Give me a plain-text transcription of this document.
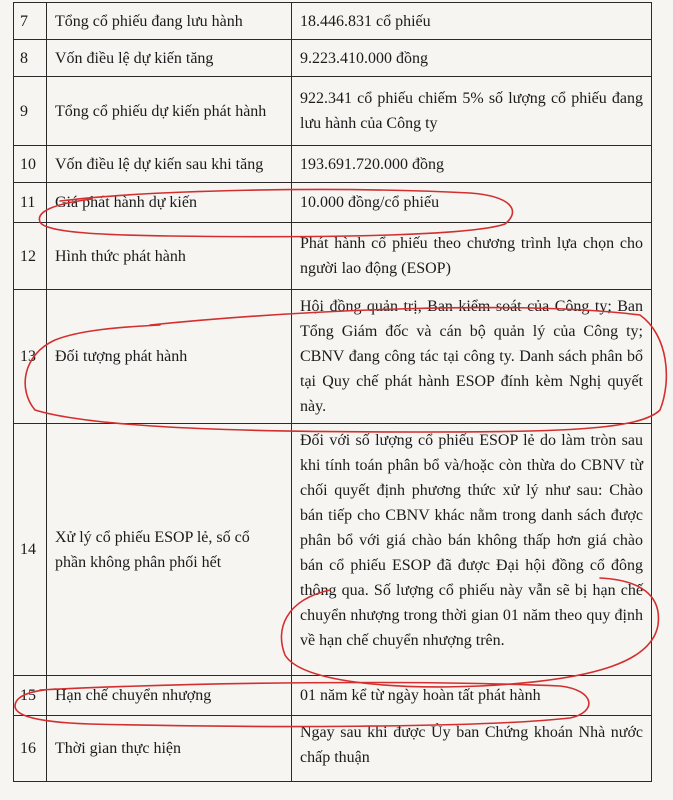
7	Tổng cổ phiếu đang lưu hành	18.446.831 cổ phiếu
8	Vốn điều lệ dự kiến tăng	9.223.410.000 đồng
9	Tổng cổ phiếu dự kiến phát hành	922.341 cổ phiếu chiếm 5% số lượng cổ phiếu đang lưu hành của Công ty
10	Vốn điều lệ dự kiến sau khi tăng	193.691.720.000 đồng
11	Giá phát hành dự kiến	10.000 đồng/cổ phiếu
12	Hình thức phát hành	Phát hành cổ phiếu theo chương trình lựa chọn cho người lao động (ESOP)
13	Đối tượng phát hành	Hội đồng quản trị, Ban kiểm soát của Công ty; Ban Tổng Giám đốc và cán bộ quản lý của Công ty; CBNV đang công tác tại công ty. Danh sách phân bổ tại Quy chế phát hành ESOP đính kèm Nghị quyết này.
14	Xử lý cổ phiếu ESOP lẻ, số cổ phần không phân phối hết	Đối với số lượng cổ phiếu ESOP lẻ do làm tròn sau khi tính toán phân bổ và/hoặc còn thừa do CBNV từ chối quyết định phương thức xử lý như sau: Chào bán tiếp cho CBNV khác nằm trong danh sách được phân bổ với giá chào bán không thấp hơn giá chào bán cổ phiếu ESOP đã được Đại hội đồng cổ đông thông qua. Số lượng cổ phiếu này vẫn sẽ bị hạn chế chuyển nhượng trong thời gian 01 năm theo quy định về hạn chế chuyển nhượng trên.
15	Hạn chế chuyển nhượng	01 năm kể từ ngày hoàn tất phát hành
16	Thời gian thực hiện	Ngay sau khi được Ủy ban Chứng khoán Nhà nước chấp thuận
